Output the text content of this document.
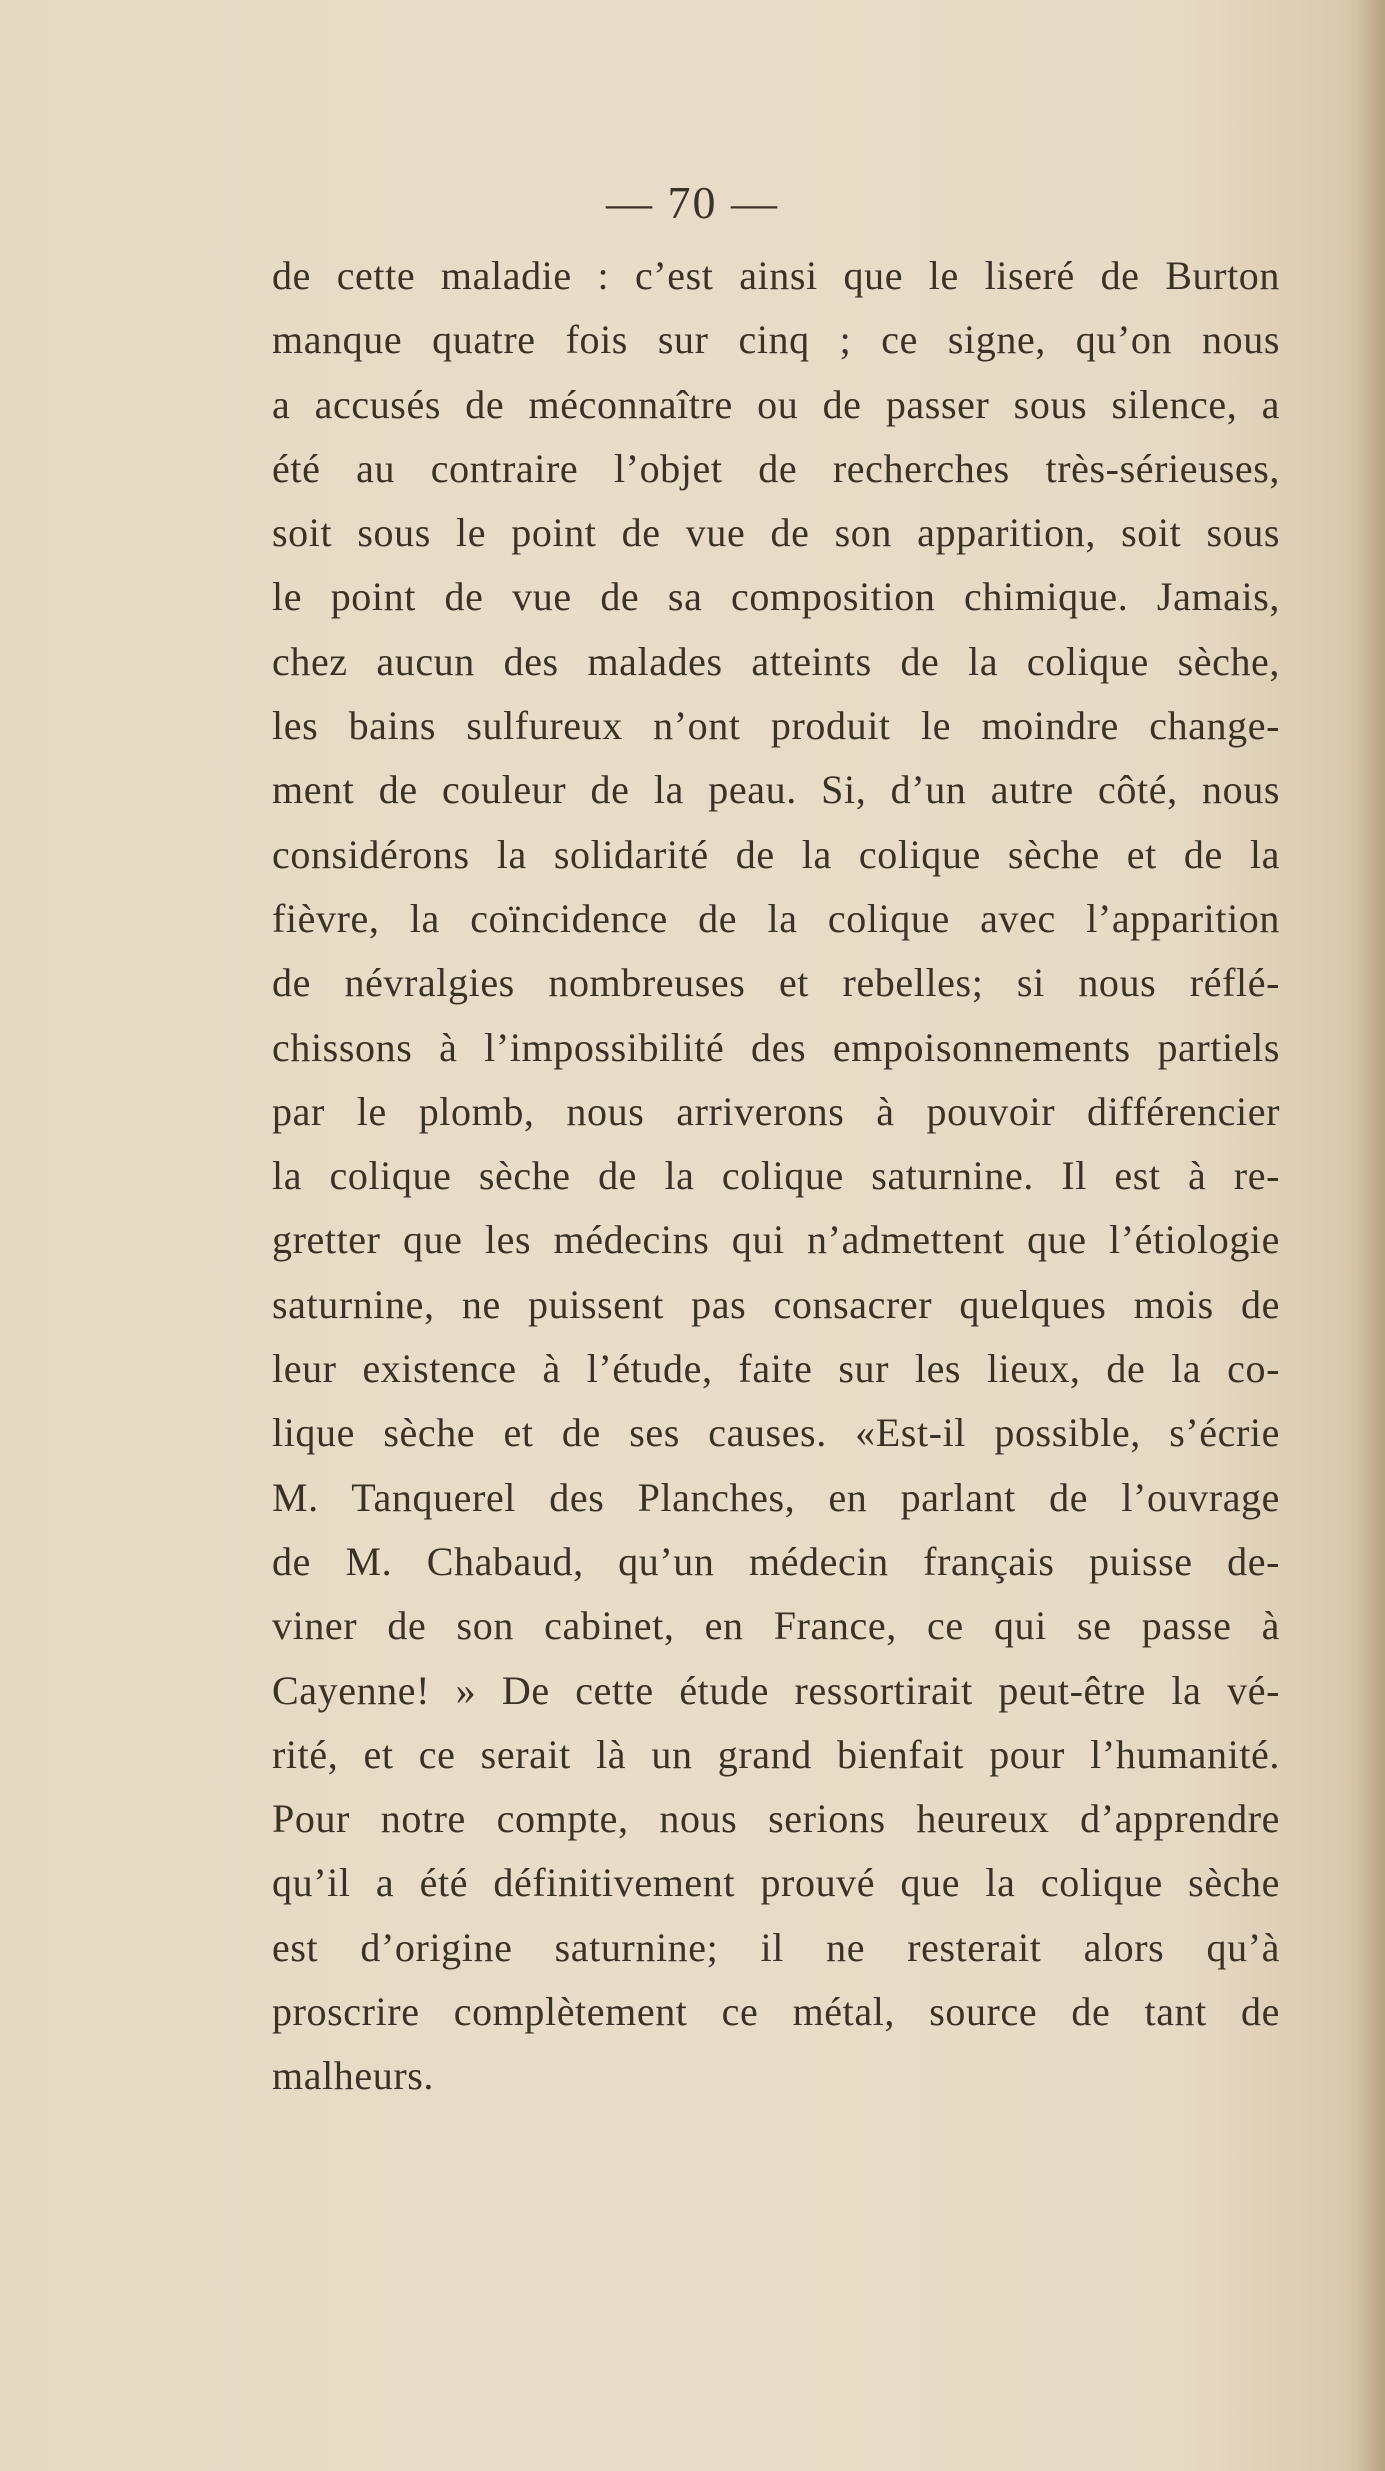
— 70 —
de cette maladie : c’est ainsi que le liseré de Burton
manque quatre fois sur cinq ; ce signe, qu’on nous
a accusés de méconnaître ou de passer sous silence, a
été au contraire l’objet de recherches très-sérieuses,
soit sous le point de vue de son apparition, soit sous
le point de vue de sa composition chimique. Jamais,
chez aucun des malades atteints de la colique sèche,
les bains sulfureux n’ont produit le moindre change-
ment de couleur de la peau. Si, d’un autre côté, nous
considérons la solidarité de la colique sèche et de la
fièvre, la coïncidence de la colique avec l’apparition
de névralgies nombreuses et rebelles; si nous réflé-
chissons à l’impossibilité des empoisonnements partiels
par le plomb, nous arriverons à pouvoir différencier
la colique sèche de la colique saturnine. Il est à re-
gretter que les médecins qui n’admettent que l’étiologie
saturnine, ne puissent pas consacrer quelques mois de
leur existence à l’étude, faite sur les lieux, de la co-
lique sèche et de ses causes. «Est-il possible, s’écrie
M. Tanquerel des Planches, en parlant de l’ouvrage
de M. Chabaud, qu’un médecin français puisse de-
viner de son cabinet, en France, ce qui se passe à
Cayenne! » De cette étude ressortirait peut-être la vé-
rité, et ce serait là un grand bienfait pour l’humanité.
Pour notre compte, nous serions heureux d’apprendre
qu’il a été définitivement prouvé que la colique sèche
est d’origine saturnine; il ne resterait alors qu’à
proscrire complètement ce métal, source de tant de
malheurs.
